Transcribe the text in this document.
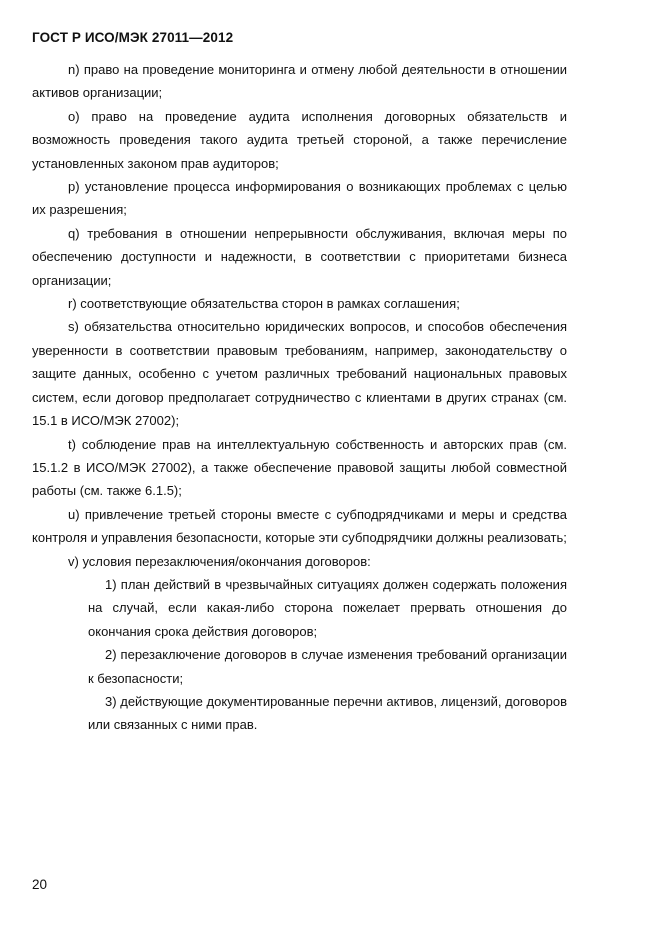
ГОСТ Р ИСО/МЭК 27011—2012

n) право на проведение мониторинга и отмену любой деятельности в отношении активов организации;

o) право на проведение аудита исполнения договорных обязательств и возможность проведения такого аудита третьей стороной, а также перечисление установленных законом прав аудиторов;

p) установление процесса информирования о возникающих проблемах с целью их разрешения;

q) требования в отношении непрерывности обслуживания, включая меры по обеспечению доступности и надежности, в соответствии с приоритетами бизнеса организации;

r) соответствующие обязательства сторон в рамках соглашения;

s) обязательства относительно юридических вопросов, и способов обеспечения уверенности в соответствии правовым требованиям, например, законодательству о защите данных, особенно с учетом различных требований национальных правовых систем, если договор предполагает сотрудничество с клиентами в других странах (см. 15.1 в ИСО/МЭК 27002);

t) соблюдение прав на интеллектуальную собственность и авторских прав (см. 15.1.2 в ИСО/МЭК 27002), а также обеспечение правовой защиты любой совместной работы (см. также 6.1.5);

u) привлечение третьей стороны вместе с субподрядчиками и меры и средства контроля и управления безопасности, которые эти субподрядчики должны реализовать;

v) условия перезаключения/окончания договоров:

1) план действий в чрезвычайных ситуациях должен содержать положения на случай, если какая-либо сторона пожелает прервать отношения до окончания срока действия договоров;

2) перезаключение договоров в случае изменения требований организации к безопасности;

3) действующие документированные перечни активов, лицензий, договоров или связанных с ними прав.

20
